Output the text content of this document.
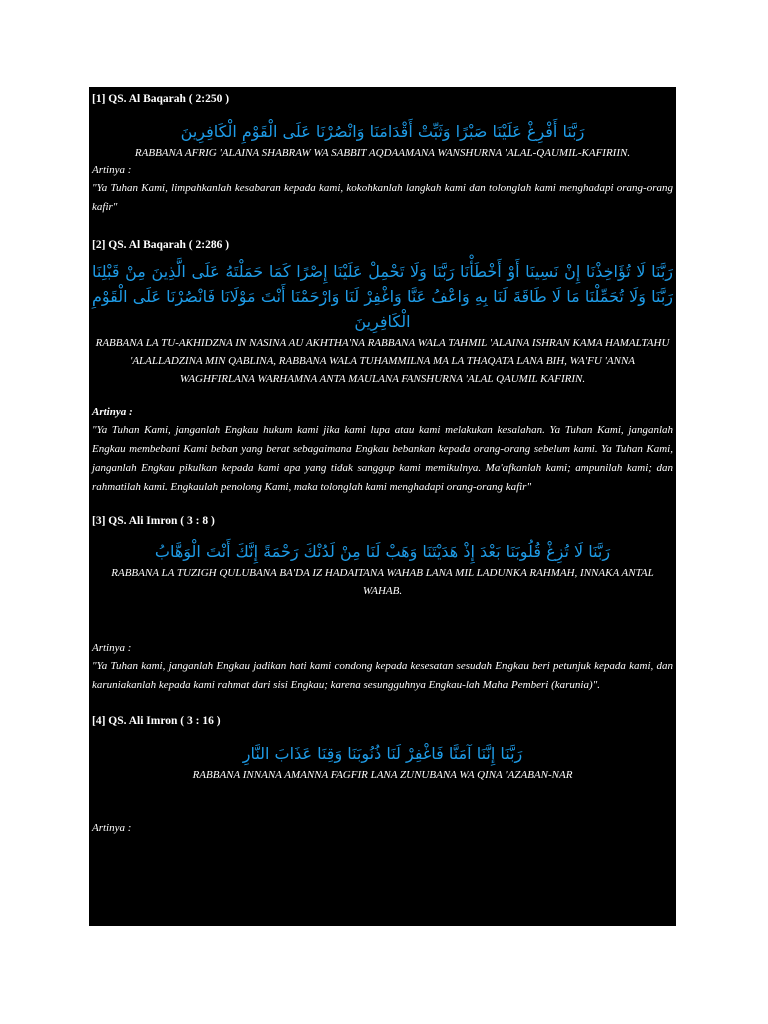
[1] QS. Al Baqarah ( 2:250 )

رَبَّنَا أَفْرِغْ عَلَيْنَا صَبْرًا وَثَبِّتْ أَقْدَامَنَا وَانْصُرْنَا عَلَى الْقَوْمِ الْكَافِرِينَ

RABBANA AFRIG 'ALAINA SHABRAW WA SABBIT AQDAAMANA WANSHURNA 'ALAL-QAUMIL-KAFIRIIN.

Artinya :

"Ya Tuhan Kami, limpahkanlah kesabaran kepada kami, kokohkanlah langkah kami dan tolonglah kami menghadapi orang-orang kafir"

[2] QS. Al Baqarah ( 2:286 )

رَبَّنَا لَا تُؤَاخِذْنَا إِنْ نَسِينَا أَوْ أَخْطَأْنَا رَبَّنَا وَلَا تَحْمِلْ عَلَيْنَا إِصْرًا كَمَا حَمَلْتَهُ عَلَى الَّذِينَ مِنْ قَبْلِنَا رَبَّنَا وَلَا تُحَمِّلْنَا مَا لَا طَاقَةَ لَنَا بِهِ وَاعْفُ عَنَّا وَاغْفِرْ لَنَا وَارْحَمْنَا أَنْتَ مَوْلَانَا فَانْصُرْنَا عَلَى الْقَوْمِ الْكَافِرِينَ

RABBANA LA TU-AKHIDZNA IN NASINA AU AKHTHA'NA RABBANA WALA TAHMIL 'ALAINA ISHRAN KAMA HAMALTAHU 'ALALLADZINA MIN QABLINA, RABBANA WALA TUHAMMILNA MA LA THAQATA LANA BIH, WA'FU 'ANNA WAGHFIRLANA WARHAMNA ANTA MAULANA FANSHURNA 'ALAL QAUMIL KAFIRIN.

Artinya :

"Ya Tuhan Kami, janganlah Engkau hukum kami jika kami lupa atau kami melakukan kesalahan. Ya Tuhan Kami, janganlah Engkau membebani Kami beban yang berat sebagaimana Engkau bebankan kepada orang-orang sebelum kami. Ya Tuhan Kami, janganlah Engkau pikulkan kepada kami apa yang tidak sanggup kami memikulnya. Ma'afkanlah kami; ampunilah kami; dan rahmatilah kami. Engkaulah penolong Kami, maka tolonglah kami menghadapi orang-orang kafir"

[3] QS. Ali Imron ( 3 : 8 )

رَبَّنَا لَا تُزِغْ قُلُوبَنَا بَعْدَ إِذْ هَدَيْتَنَا وَهَبْ لَنَا مِنْ لَدُنْكَ رَحْمَةً إِنَّكَ أَنْتَ الْوَهَّابُ

RABBANA LA TUZIGH QULUBANA BA'DA IZ HADAITANA WAHAB LANA MIL LADUNKA RAHMAH, INNAKA ANTAL WAHAB.

Artinya :

"Ya Tuhan kami, janganlah Engkau jadikan hati kami condong kepada kesesatan sesudah Engkau beri petunjuk kepada kami, dan karuniakanlah kepada kami rahmat dari sisi Engkau; karena sesungguhnya Engkau-lah Maha Pemberi (karunia)".

[4] QS. Ali Imron ( 3 : 16 )

رَبَّنَا إِنَّنَا آمَنَّا فَاغْفِرْ لَنَا ذُنُوبَنَا وَقِنَا عَذَابَ النَّارِ

RABBANA INNANA AMANNA FAGFIR LANA ZUNUBANA WA QINA 'AZABAN-NAR

Artinya :
